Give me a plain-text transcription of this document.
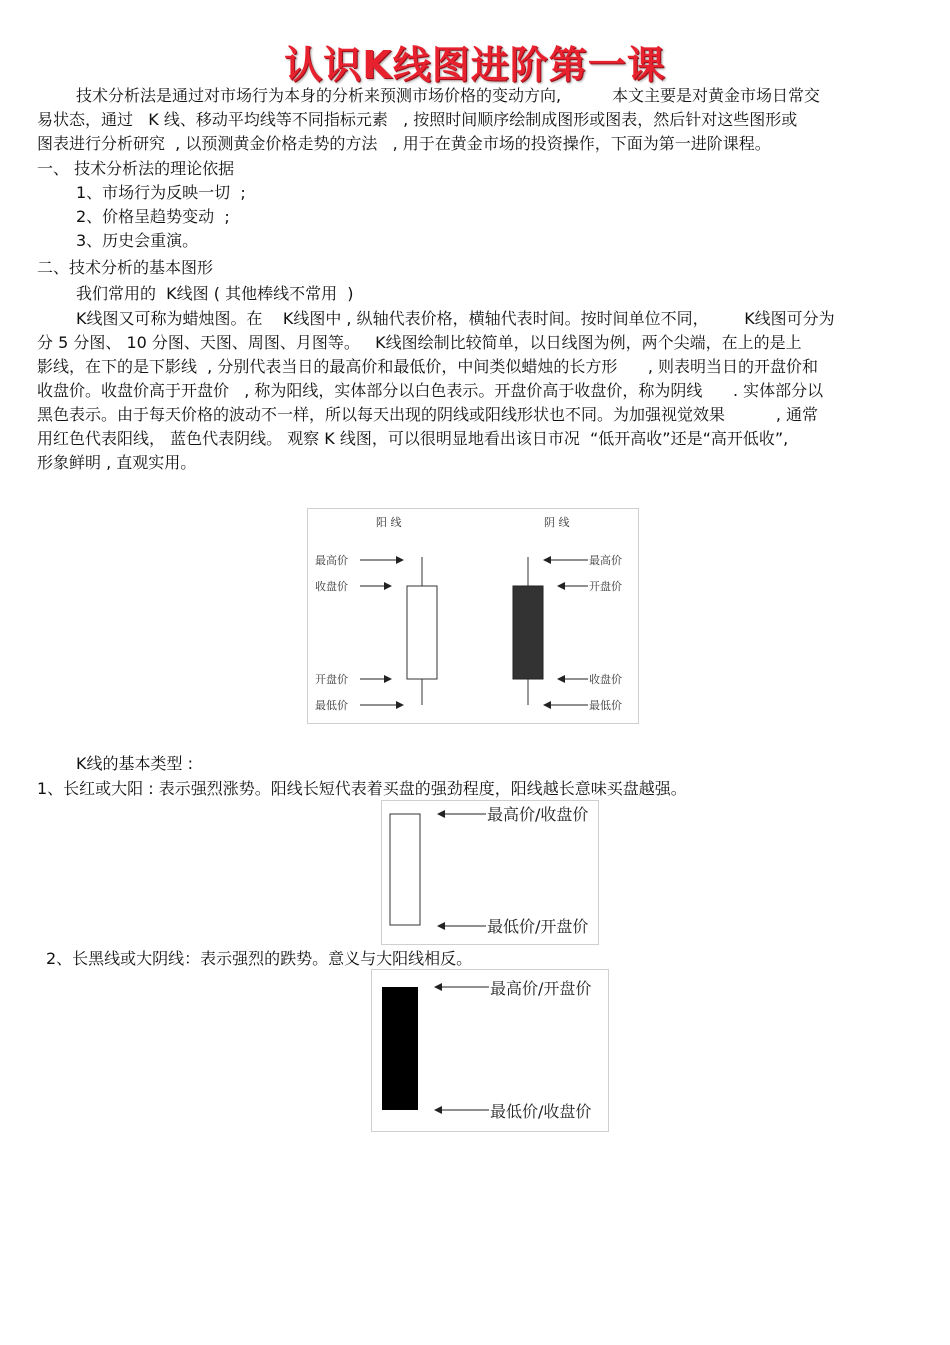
认识K线图进阶第一课
技术分析法是通过对市场行为本身的分析来预测市场价格的变动方向,          本文主要是对黄金市场日常交
易状态，通过   K 线、移动平均线等不同指标元素   , 按照时间顺序绘制成图形或图表，然后针对这些图形或
图表进行分析研究  , 以预测黄金价格走势的方法   , 用于在黄金市场的投资操作，下面为第一进阶课程。
一、 技术分析法的理论依据
1、市场行为反映一切  ;
2、价格呈趋势变动  ;
3、历史会重演。
二、技术分析的基本图形
我们常用的  K线图 ( 其他棒线不常用  )
K线图又可称为蜡烛图。在    K线图中 , 纵轴代表价格，横轴代表时间。按时间单位不同，       K线图可分为
分 5 分图、 10 分图、天图、周图、月图等。   K线图绘制比较简单，以日线图为例，两个尖端，在上的是上
影线，在下的是下影线  , 分别代表当日的最高价和最低价，中间类似蜡烛的长方形      , 则表明当日的开盘价和
收盘价。收盘价高于开盘价   , 称为阳线，实体部分以白色表示。开盘价高于收盘价，称为阴线      . 实体部分以
黑色表示。由于每天价格的波动不一样，所以每天出现的阴线或阳线形状也不同。为加强视觉效果          , 通常
用红色代表阳线， 蓝色代表阴线。 观察 K 线图，可以很明显地看出该日市况  “低开高收”还是“高开低收”,
形象鲜明 , 直观实用。
阳 线	阴 线
最高价
收盘价
开盘价
最低价
最高价
开盘价
收盘价
最低价
K线的基本类型 :
1、长红或大阳 : 表示强烈涨势。阳线长短代表着买盘的强劲程度，阳线越长意味买盘越强。
最高价/收盘价
最低价/开盘价
2、长黑线或大阴线：表示强烈的跌势。意义与大阳线相反。
最高价/开盘价
最低价/收盘价
